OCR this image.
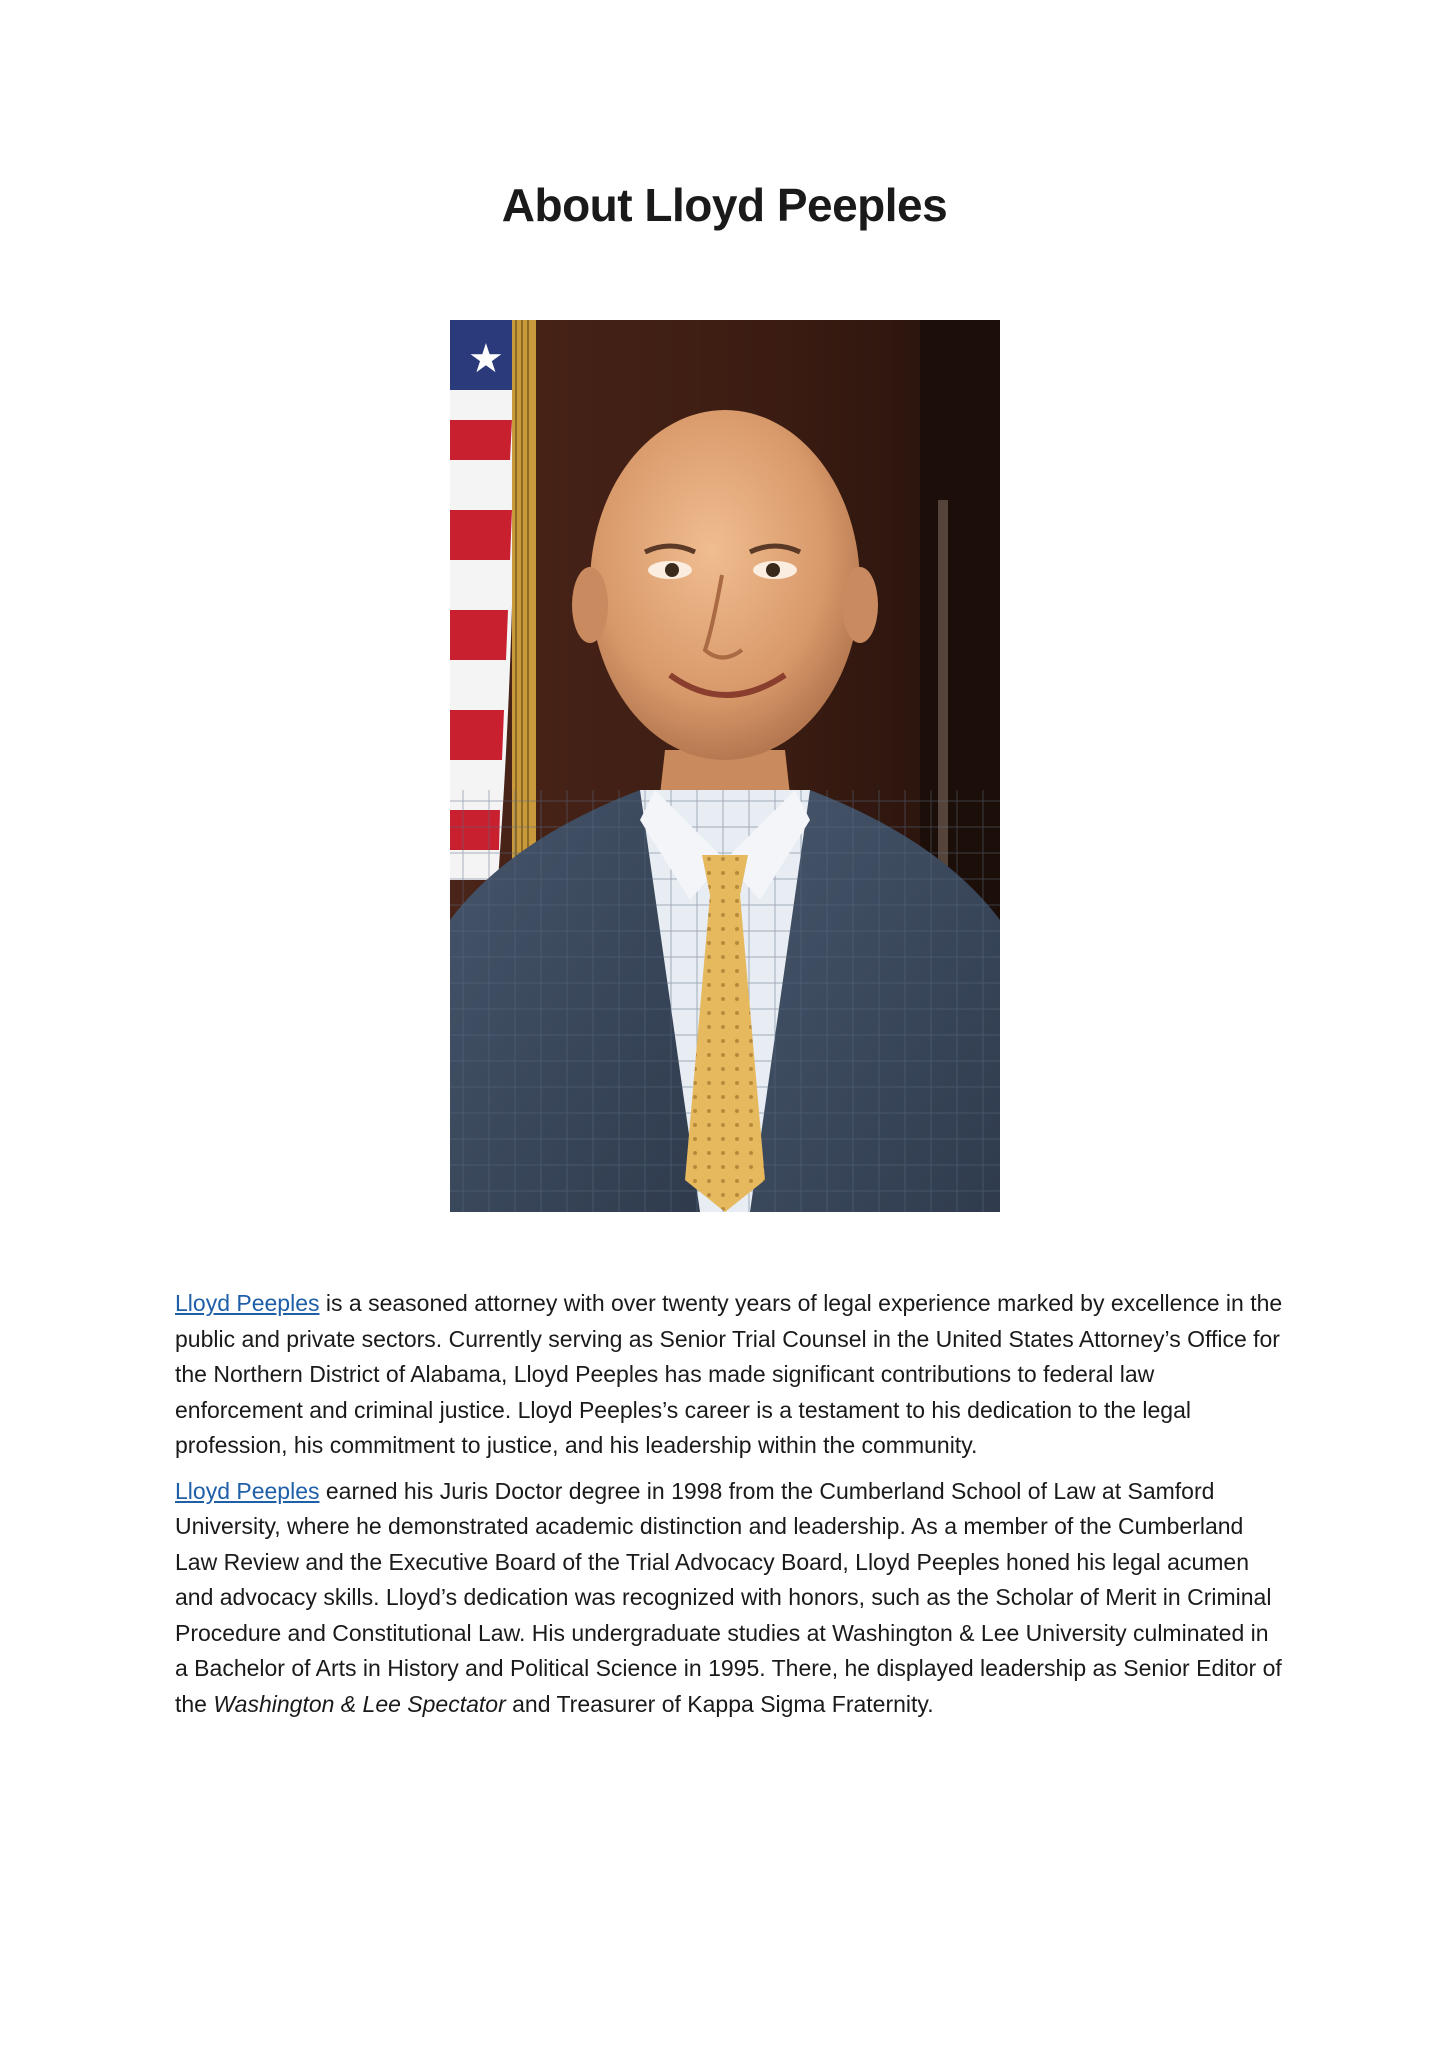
About Lloyd Peeples
★

Lloyd Peeples is a seasoned attorney with over twenty years of legal experience marked by excellence in the public and private sectors. Currently serving as Senior Trial Counsel in the United States Attorney’s Office for the Northern District of Alabama, Lloyd Peeples has made significant contributions to federal law enforcement and criminal justice. Lloyd Peeples’s career is a testament to his dedication to the legal profession, his commitment to justice, and his leadership within the community.

Lloyd Peeples earned his Juris Doctor degree in 1998 from the Cumberland School of Law at Samford University, where he demonstrated academic distinction and leadership. As a member of the Cumberland Law Review and the Executive Board of the Trial Advocacy Board, Lloyd Peeples honed his legal acumen and advocacy skills. Lloyd’s dedication was recognized with honors, such as the Scholar of Merit in Criminal Procedure and Constitutional Law. His undergraduate studies at Washington & Lee University culminated in a Bachelor of Arts in History and Political Science in 1995. There, he displayed leadership as Senior Editor of the Washington & Lee Spectator and Treasurer of Kappa Sigma Fraternity.
